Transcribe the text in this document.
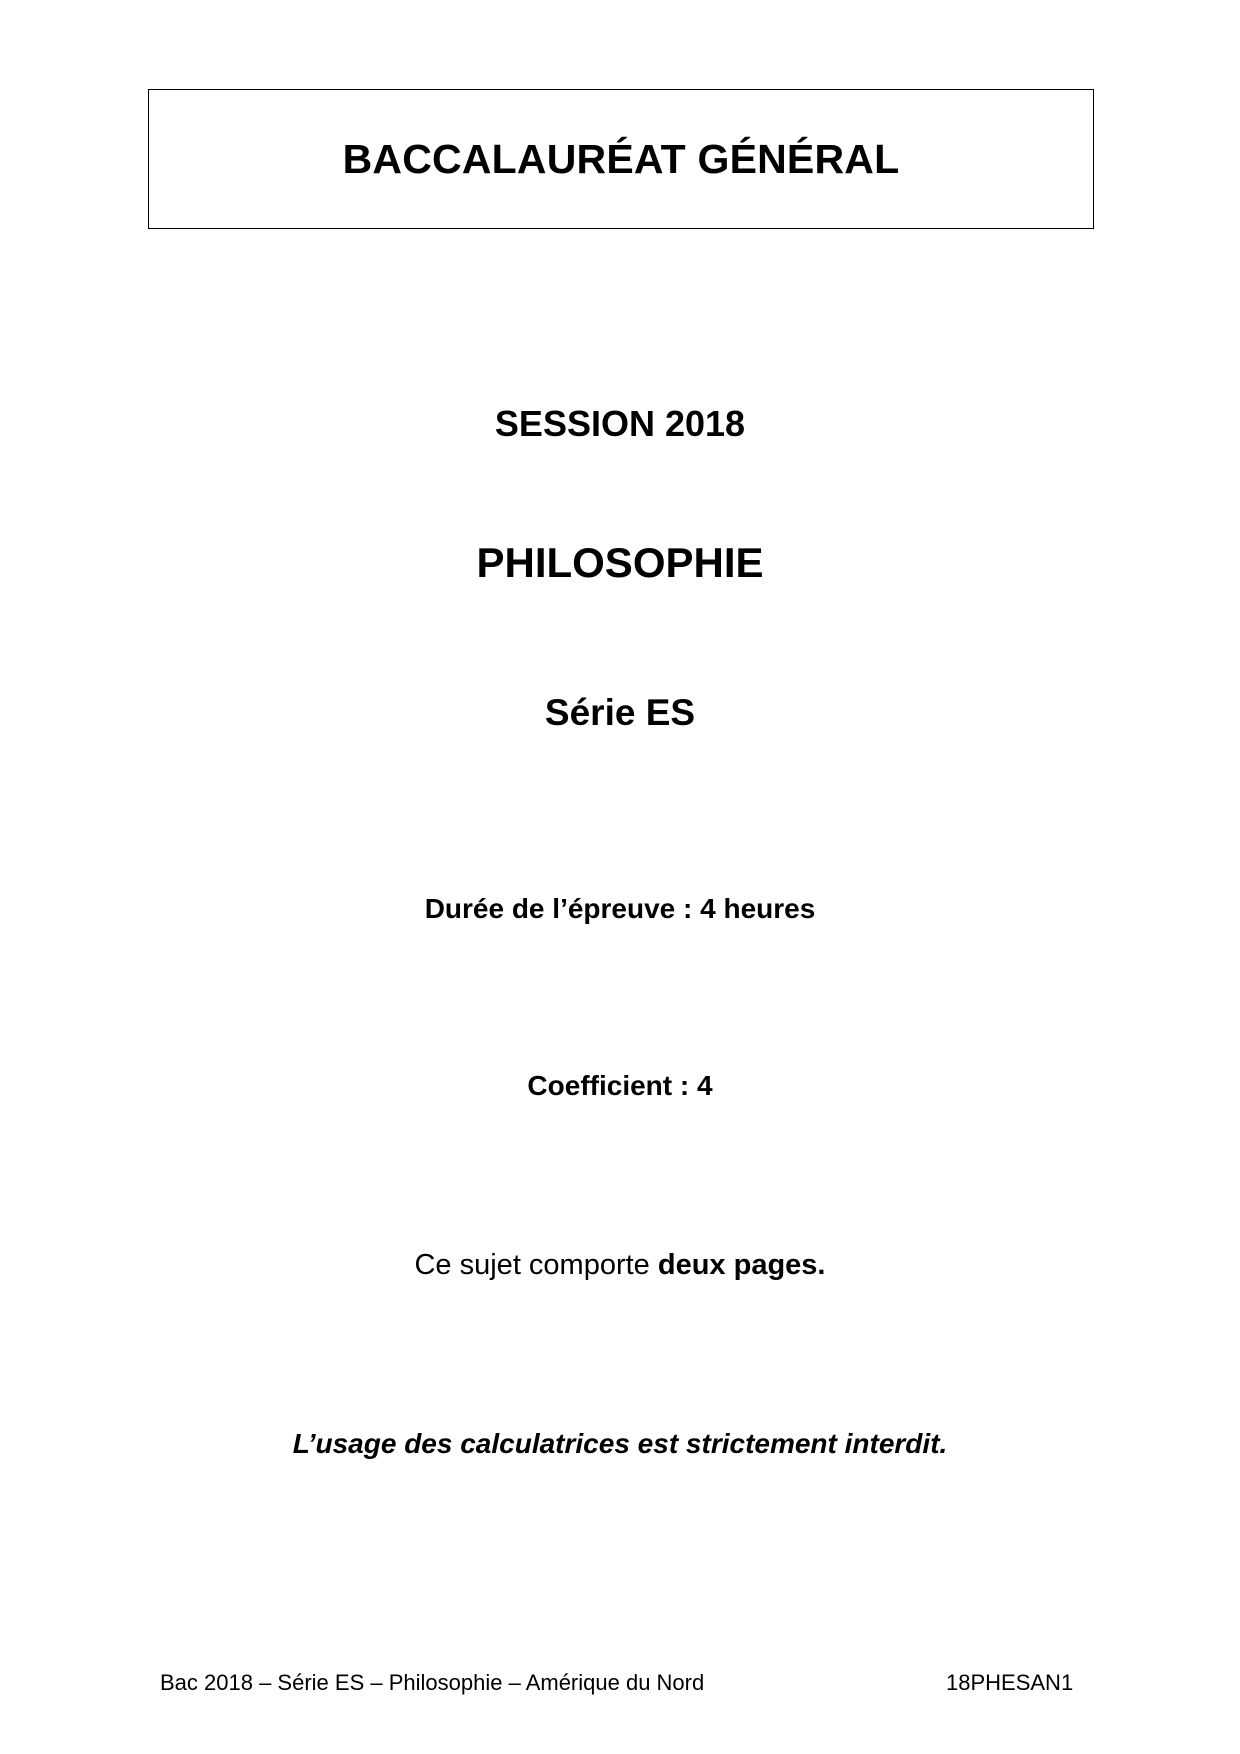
BACCALAURÉAT GÉNÉRAL

SESSION 2018

PHILOSOPHIE

Série ES

Durée de l’épreuve : 4 heures

Coefficient : 4

Ce sujet comporte deux pages.

L’usage des calculatrices est strictement interdit.

Bac 2018 – Série ES – Philosophie – Amérique du Nord	18PHESAN1
